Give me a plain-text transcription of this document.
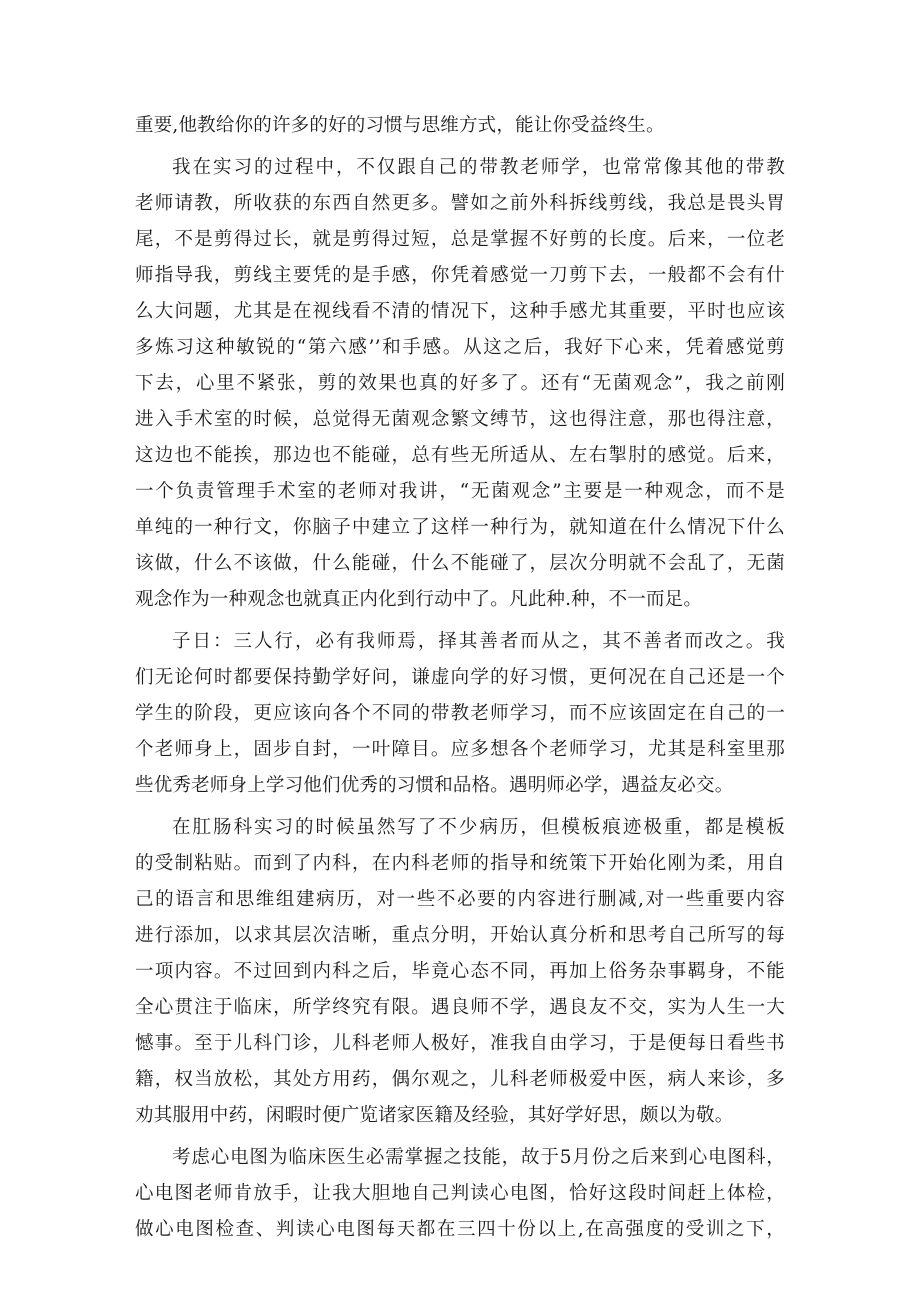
重要,他教给你的许多的好的习惯与思维方式，能让你受益终生。
我在实习的过程中，不仅跟自己的带教老师学，也常常像其他的带教
老师请教，所收获的东西自然更多。譬如之前外科拆线剪线，我总是畏头胃
尾，不是剪得过长，就是剪得过短，总是掌握不好剪的长度。后来，一位老
师指导我，剪线主要凭的是手感，你凭着感觉一刀剪下去，一般都不会有什
么大问题，尤其是在视线看不清的情况下，这种手感尤其重要，平时也应该
多炼习这种敏锐的“第六感’’和手感。从这之后，我好下心来，凭着感觉剪
下去，心里不紧张，剪的效果也真的好多了。还有“无菌观念”，我之前刚
进入手术室的时候，总觉得无菌观念繁文缚节，这也得注意，那也得注意，
这边也不能挨，那边也不能碰，总有些无所适从、左右掣肘的感觉。后来，
一个负责管理手术室的老师对我讲，“无菌观念”主要是一种观念，而不是
单纯的一种行文，你脑子中建立了这样一种行为，就知道在什么情况下什么
该做，什么不该做，什么能碰，什么不能碰了，层次分明就不会乱了，无菌
观念作为一种观念也就真正内化到行动中了。凡此种.种，不一而足。
子日：三人行，必有我师焉，择其善者而从之，其不善者而改之。我
们无论何时都要保持勤学好问，谦虚向学的好习惯，更何况在自己还是一个
学生的阶段，更应该向各个不同的带教老师学习，而不应该固定在自己的一
个老师身上，固步自封，一叶障目。应多想各个老师学习，尤其是科室里那
些优秀老师身上学习他们优秀的习惯和品格。遇明师必学，遇益友必交。
在肛肠科实习的时候虽然写了不少病历，但模板痕迹极重，都是模板
的受制粘贴。而到了内科，在内科老师的指导和统策下开始化刚为柔，用自
己的语言和思维组建病历，对一些不必要的内容进行删减,对一些重要内容
进行添加，以求其层次洁晰，重点分明，开始认真分析和思考自己所写的每
一项内容。不过回到内科之后，毕竟心态不同，再加上俗务杂事羁身，不能
全心贯注于临床，所学终究有限。遇良师不学，遇良友不交，实为人生一大
憾事。至于儿科门诊，儿科老师人极好，准我自由学习，于是便每日看些书
籍，权当放松，其处方用药，偶尔观之，儿科老师极爱中医，病人来诊，多
劝其服用中药，闲暇时便广览诸家医籍及经验，其好学好思，颇以为敬。
考虑心电图为临床医生必需掌握之技能，故于5月份之后来到心电图科，
心电图老师肯放手，让我大胆地自己判读心电图，恰好这段时间赶上体检，
做心电图检查、判读心电图每天都在三四十份以上,在高强度的受训之下，
